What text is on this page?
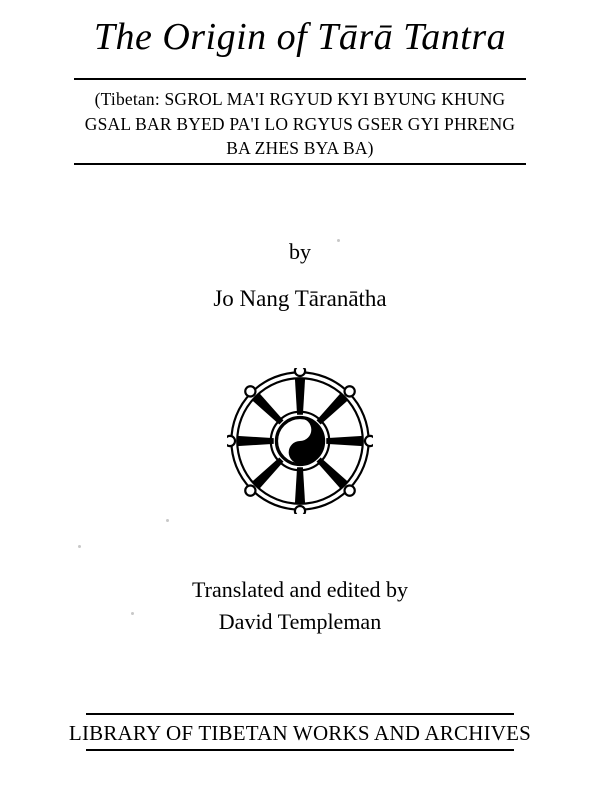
The Origin of Tārā Tantra
(Tibetan: SGROL MA'I RGYUD KYI BYUNG KHUNG
GSAL BAR BYED PA'I LO RGYUS GSER GYI PHRENG
BA ZHES BYA BA)
by
Jo Nang Tāranātha
Translated and edited by
David Templeman
LIBRARY OF TIBETAN WORKS AND ARCHIVES
